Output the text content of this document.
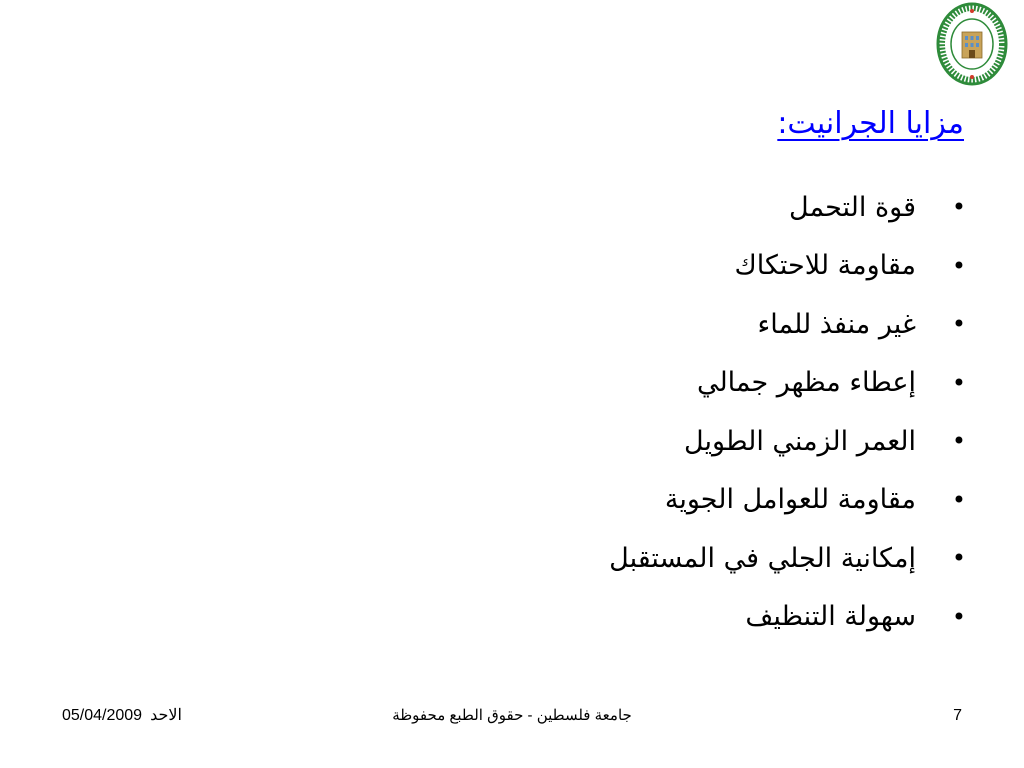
مزايا الجرانيت:
•
قوة التحمل
•
مقاومة للاحتكاك
•
غير منفذ للماء
•
إعطاء مظهر جمالي
•
العمر الزمني الطويل
•
مقاومة للعوامل الجوية
•
إمكانية الجلي في المستقبل
•
سهولة التنظيف
05/04/2009 الاحد	جامعة فلسطين - حقوق الطبع محفوظة	7
